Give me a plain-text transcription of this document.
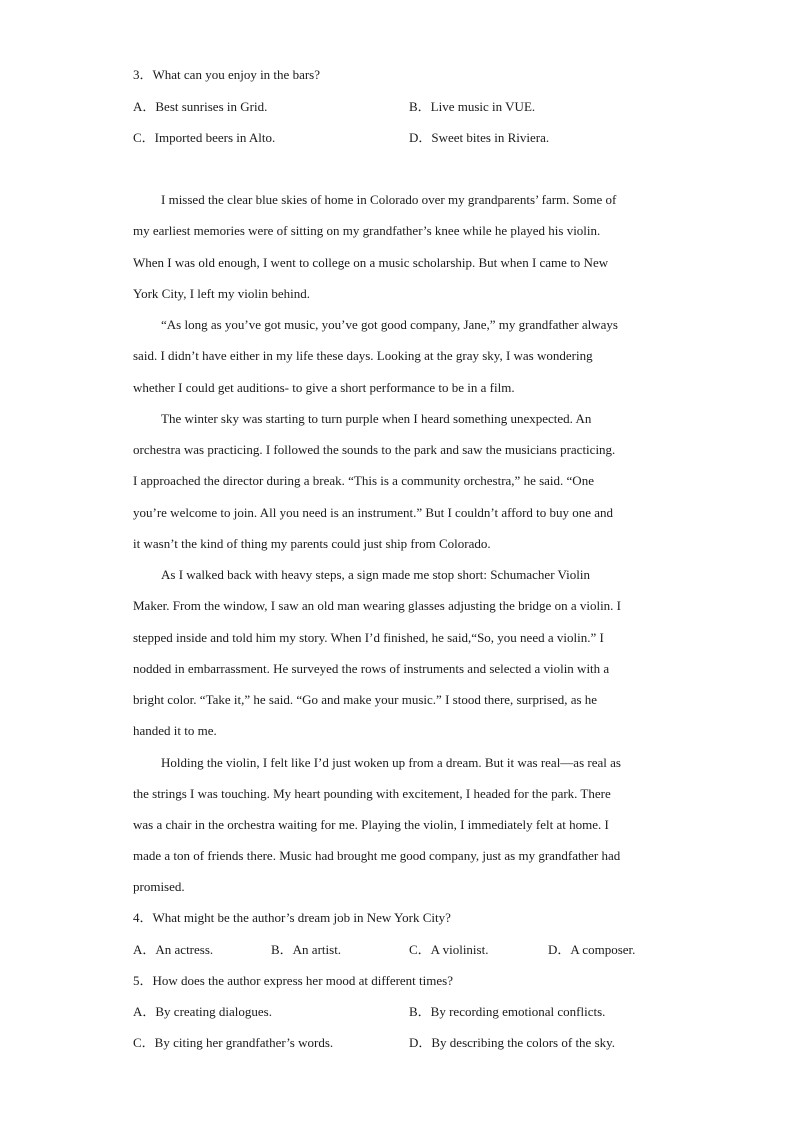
3．What can you enjoy in the bars?
A．Best sunrises in Grid.	B．Live music in VUE.
C．Imported beers in Alto.	D．Sweet bites in Riviera.
I missed the clear blue skies of home in Colorado over my grandparents’ farm. Some of
my earliest memories were of sitting on my grandfather’s knee while he played his violin.
When I was old enough, I went to college on a music scholarship. But when I came to New
York City, I left my violin behind.
“As long as you’ve got music, you’ve got good company, Jane,” my grandfather always
said. I didn’t have either in my life these days. Looking at the gray sky, I was wondering
whether I could get auditions- to give a short performance to be in a film.
The winter sky was starting to turn purple when I heard something unexpected. An
orchestra was practicing. I followed the sounds to the park and saw the musicians practicing.
I approached the director during a break. “This is a community orchestra,” he said. “One
you’re welcome to join. All you need is an instrument.” But I couldn’t afford to buy one and
it wasn’t the kind of thing my parents could just ship from Colorado.
As I walked back with heavy steps, a sign made me stop short: Schumacher Violin
Maker. From the window, I saw an old man wearing glasses adjusting the bridge on a violin. I
stepped inside and told him my story. When I’d finished, he said,“So, you need a violin.” I
nodded in embarrassment. He surveyed the rows of instruments and selected a violin with a
bright color. “Take it,” he said. “Go and make your music.” I stood there, surprised, as he
handed it to me.
Holding the violin, I felt like I’d just woken up from a dream. But it was real—as real as
the strings I was touching. My heart pounding with excitement, I headed for the park. There
was a chair in the orchestra waiting for me. Playing the violin, I immediately felt at home. I
made a ton of friends there. Music had brought me good company, just as my grandfather had
promised.
4．What might be the author’s dream job in New York City?
A．An actress.	B．An artist.	C．A violinist.	D．A composer.
5．How does the author express her mood at different times?
A．By creating dialogues.	B．By recording emotional conflicts.
C．By citing her grandfather’s words.	D．By describing the colors of the sky.
